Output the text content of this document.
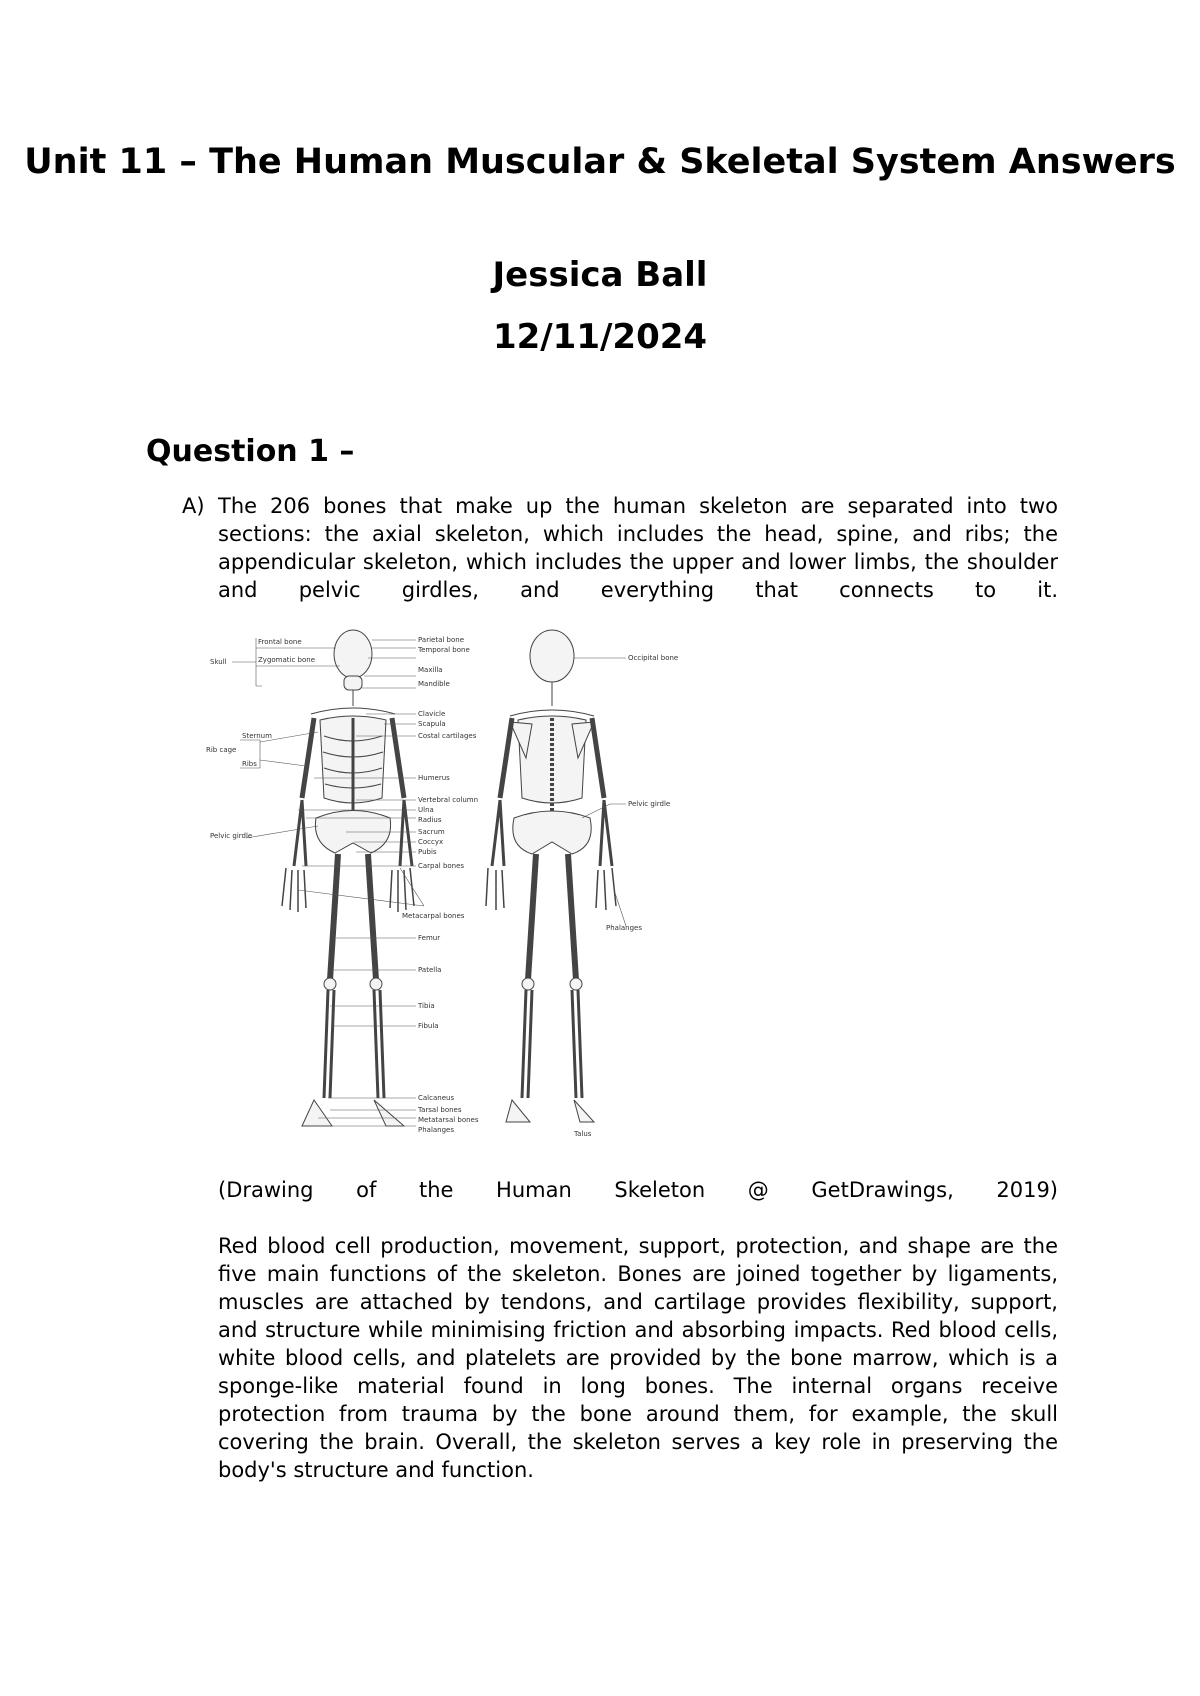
Unit 11 – The Human Muscular & Skeletal System Answers
Jessica Ball
12/11/2024
Question 1 –
A) The 206 bones that make up the human skeleton are separated into two sections: the axial skeleton, which includes the head, spine, and ribs; the appendicular skeleton, which includes the upper and lower limbs, the shoulder and pelvic girdles, and everything that connects to it.
Frontal bone
Zygomatic bone
Skull
Sternum
Ribs
Rib cage
Pelvic girdle
Parietal bone
Temporal bone
Maxilla
Mandible
Clavicle
Scapula
Costal cartilages
Humerus
Vertebral column
Ulna
Radius
Sacrum
Coccyx
Pubis
Carpal bones
Metacarpal bones
Femur
Patella
Tibia
Fibula
Calcaneus
Tarsal bones
Metatarsal bones
Phalanges
Occipital bone
Pelvic girdle
Phalanges
Talus
(Drawing of the Human Skeleton @ GetDrawings, 2019)
Red blood cell production, movement, support, protection, and shape are the five main functions of the skeleton. Bones are joined together by ligaments, muscles are attached by tendons, and cartilage provides flexibility, support, and structure while minimising friction and absorbing impacts. Red blood cells, white blood cells, and platelets are provided by the bone marrow, which is a sponge-like material found in long bones. The internal organs receive protection from trauma by the bone around them, for example, the skull covering the brain. Overall, the skeleton serves a key role in preserving the body's structure and function.
